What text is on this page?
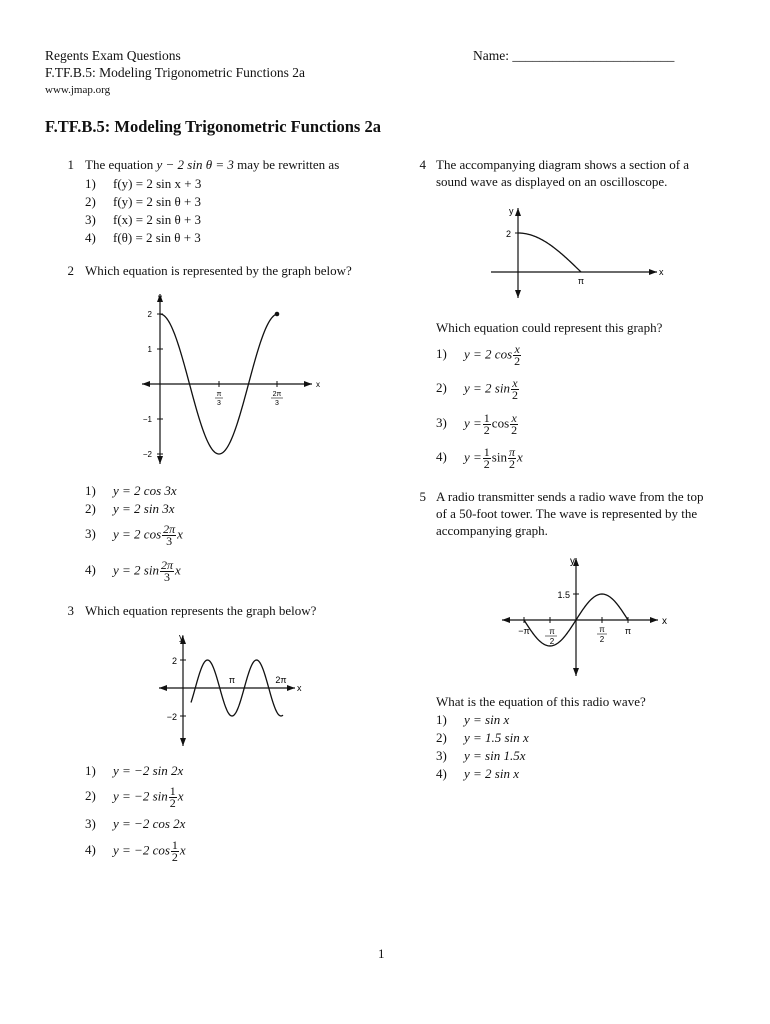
Regents Exam Questions
F.TF.B.5: Modeling Trigonometric Functions 2a
www.jmap.org
Name: ________________________
F.TF.B.5: Modeling Trigonometric Functions 2a
1 The equation y − 2 sin θ = 3 may be rewritten as
1) f(y) = 2 sin x + 3
2) f(y) = 2 sin θ + 3
3) f(x) = 2 sin θ + 3
4) f(θ) = 2 sin θ + 3
2 Which equation is represented by the graph below?
y
x
2
1
−1
−2
π
3
2π
3
1) y = 2 cos 3x
2) y = 2 sin 3x
3) y = 2 $\cos \frac{2\pi}{3}$ x
4) y = 2 $\sin \frac{2\pi}{3}$ x
3 Which equation represents the graph below?
y
x
2
−2
π	2π
1) y = −2 sin 2x
2) y = −2 $\sin \frac{1}{2}$ x
3) y = −2 cos 2x
4) y = −2 $\cos \frac{1}{2}$ x
4 The accompanying diagram shows a section of a
sound wave as displayed on an oscilloscope.
y
x
2
π
Which equation could represent this graph?
1) y = 2 $\cos \frac{x}{2}$
2) y = 2 $\sin \frac{x}{2}$
3) $y = \frac{1}{2}$ $\cos \frac{x}{2}$
4) $y = \frac{1}{2}$ $\sin \frac{\pi}{2}$ x
5 A radio transmitter sends a radio wave from the top
of a 50-foot tower. The wave is represented by the
accompanying graph.
y
x
1.5
−π π
2
π
2
π
What is the equation of this radio wave?
1) y = sin x
2) y = 1.5 sin x
3) y = sin 1.5x
4) y = 2 sin x
1
